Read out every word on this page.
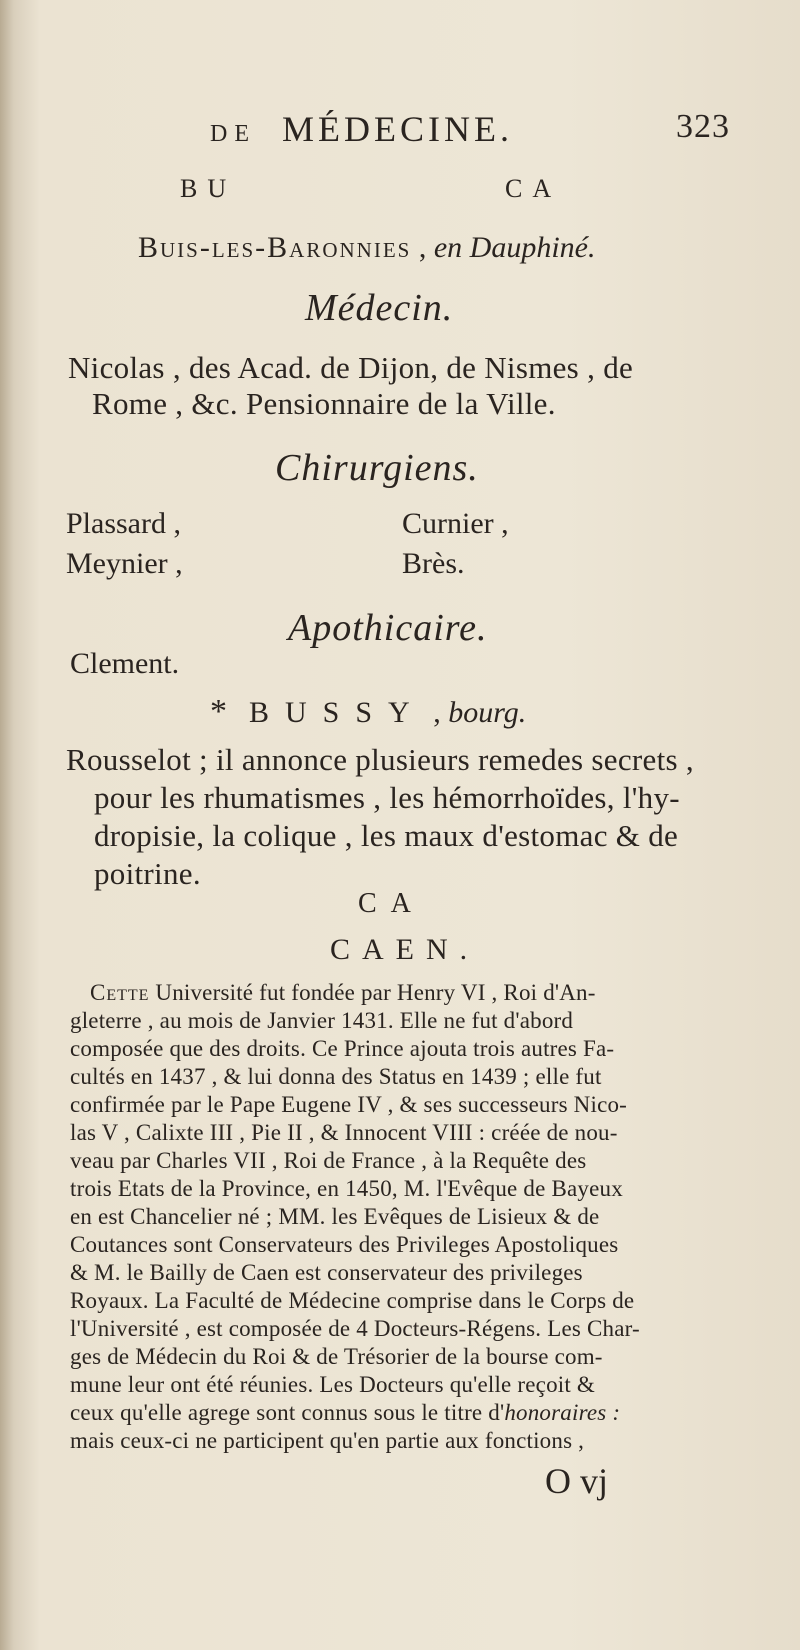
DE MÉDECINE.	323
BU	CA
Buis-les-Baronnies , en Dauphiné.
Médecin.
Nicolas , des Acad. de Dijon, de Nismes , de
Rome , &c. Pensionnaire de la Ville.
Chirurgiens.
Plassard ,	Curnier ,
Meynier ,	Brès.
Apothicaire.
Clement.
* BUSSY , bourg.
Rousselot ; il annonce plusieurs remedes secrets ,
pour les rhumatismes , les hémorrhoïdes, l'hy-
dropisie, la colique , les maux d'estomac & de
poitrine.
CA
CAEN.
Cette Université fut fondée par Henry VI , Roi d'An-
gleterre , au mois de Janvier 1431. Elle ne fut d'abord
composée que des droits. Ce Prince ajouta trois autres Fa-
cultés en 1437 , & lui donna des Status en 1439 ; elle fut
confirmée par le Pape Eugene IV , & ses successeurs Nico-
las V , Calixte III , Pie II , & Innocent VIII : créée de nou-
veau par Charles VII , Roi de France , à la Requête des
trois Etats de la Province, en 1450, M. l'Evêque de Bayeux
en est Chancelier né ; MM. les Evêques de Lisieux & de
Coutances sont Conservateurs des Privileges Apostoliques
& M. le Bailly de Caen est conservateur des privileges
Royaux. La Faculté de Médecine comprise dans le Corps de
l'Université , est composée de 4 Docteurs-Régens. Les Char-
ges de Médecin du Roi & de Trésorier de la bourse com-
mune leur ont été réunies. Les Docteurs qu'elle reçoit &
ceux qu'elle agrege sont connus sous le titre d'honoraires :
mais ceux-ci ne participent qu'en partie aux fonctions ,
O vj
